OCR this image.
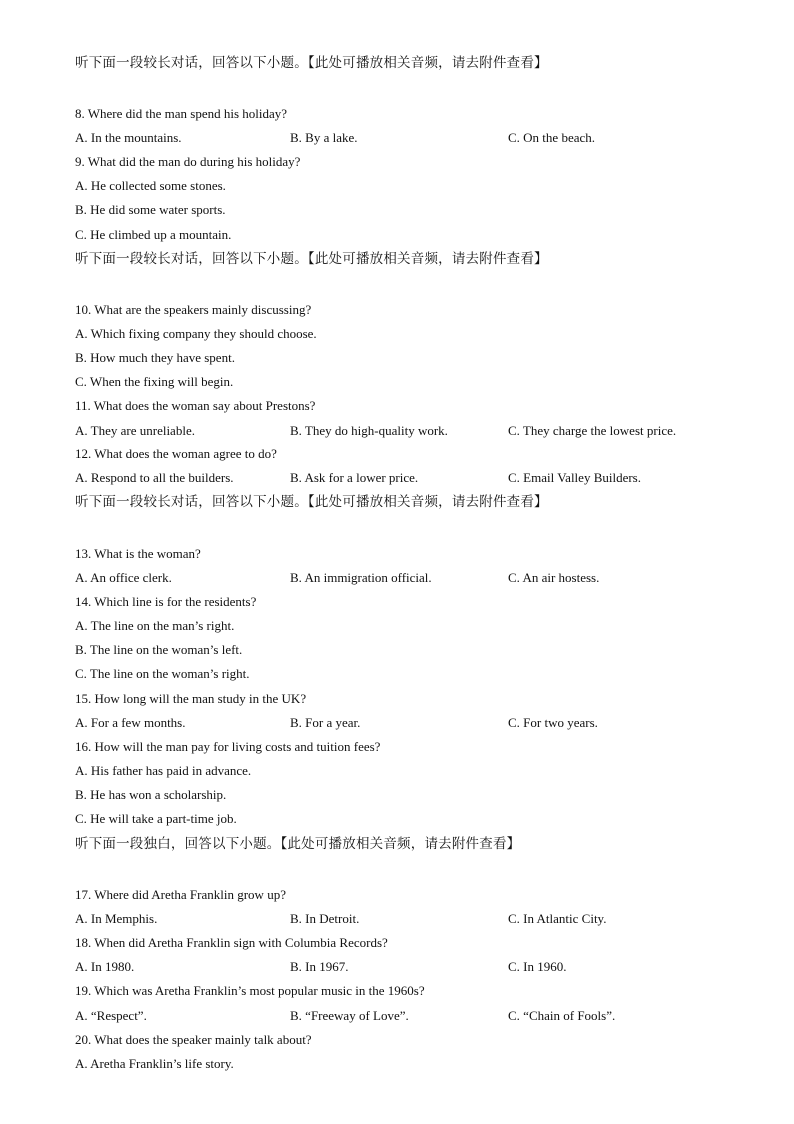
听下面一段较长对话，回答以下小题。【此处可播放相关音频，请去附件查看】
8. Where did the man spend his holiday?
A. In the mountains.	B. By a lake.	C. On the beach.
9. What did the man do during his holiday?
A. He collected some stones.
B. He did some water sports.
C. He climbed up a mountain.
听下面一段较长对话，回答以下小题。【此处可播放相关音频，请去附件查看】
10. What are the speakers mainly discussing?
A. Which fixing company they should choose.
B. How much they have spent.
C. When the fixing will begin.
11. What does the woman say about Prestons?
A. They are unreliable.	B. They do high-quality work.	C. They charge the lowest price.
12. What does the woman agree to do?
A. Respond to all the builders.	B. Ask for a lower price.	C. Email Valley Builders.
听下面一段较长对话，回答以下小题。【此处可播放相关音频，请去附件查看】
13. What is the woman?
A. An office clerk.	B. An immigration official.	C. An air hostess.
14. Which line is for the residents?
A. The line on the man’s right.
B. The line on the woman’s left.
C. The line on the woman’s right.
15. How long will the man study in the UK?
A. For a few months.	B. For a year.	C. For two years.
16. How will the man pay for living costs and tuition fees?
A. His father has paid in advance.
B. He has won a scholarship.
C. He will take a part-time job.
听下面一段独白，回答以下小题。【此处可播放相关音频，请去附件查看】
17. Where did Aretha Franklin grow up?
A. In Memphis.	B. In Detroit.	C. In Atlantic City.
18. When did Aretha Franklin sign with Columbia Records?
A. In 1980.	B. In 1967.	C. In 1960.
19. Which was Aretha Franklin’s most popular music in the 1960s?
A. “Respect”.	B. “Freeway of Love”.	C. “Chain of Fools”.
20. What does the speaker mainly talk about?
A. Aretha Franklin’s life story.
